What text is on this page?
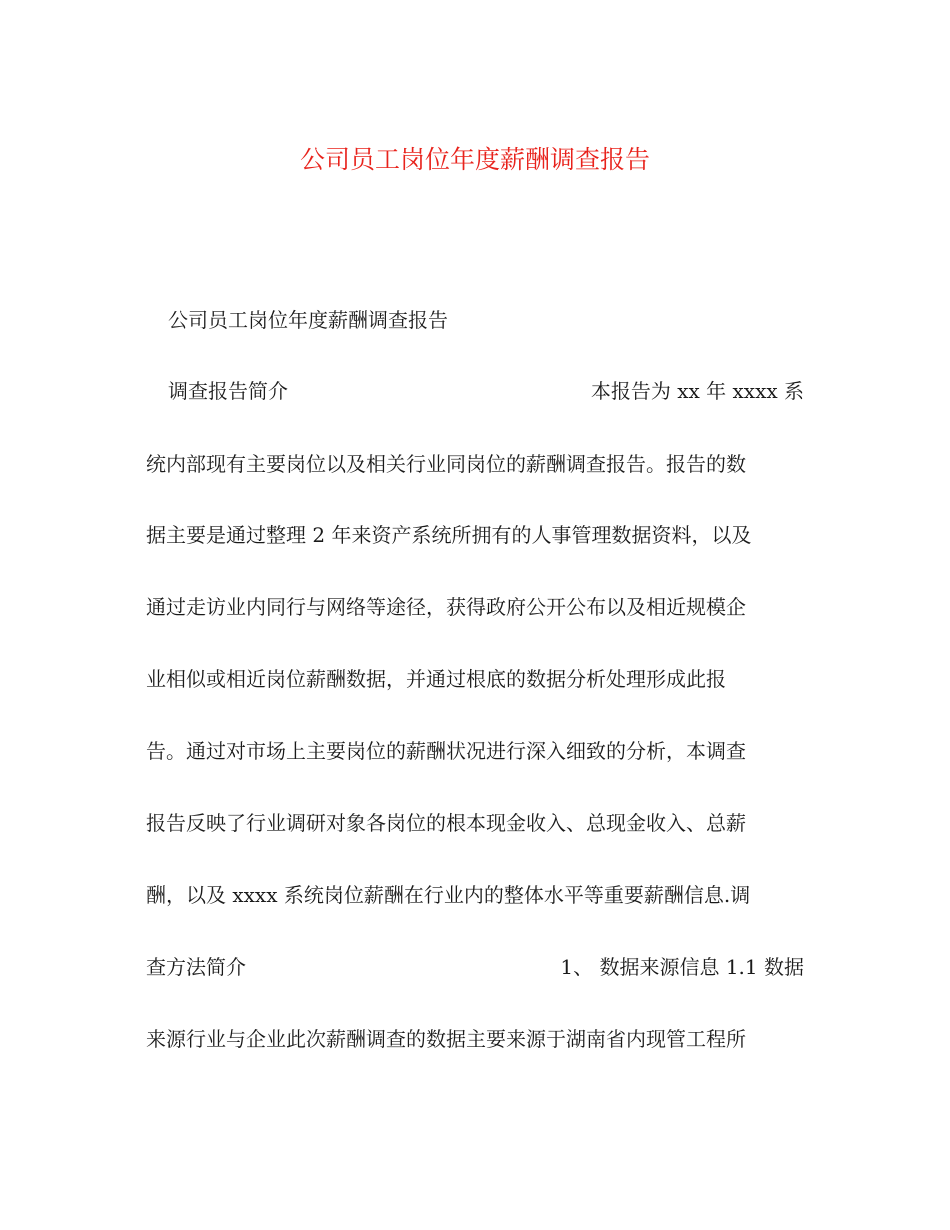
公司员工岗位年度薪酬调查报告
公司员工岗位年度薪酬调查报告
调查报告简介	本报告为 xx 年 xxxx 系
统内部现有主要岗位以及相关行业同岗位的薪酬调查报告。报告的数
据主要是通过整理 2 年来资产系统所拥有的人事管理数据资料，以及
通过走访业内同行与网络等途径，获得政府公开公布以及相近规模企
业相似或相近岗位薪酬数据，并通过根底的数据分析处理形成此报
告。通过对市场上主要岗位的薪酬状况进行深入细致的分析，本调查
报告反映了行业调研对象各岗位的根本现金收入、总现金收入、总薪
酬，以及 xxxx 系统岗位薪酬在行业内的整体水平等重要薪酬信息.调
查方法简介	1、 数据来源信息 1.1 数据
来源行业与企业此次薪酬调查的数据主要来源于湖南省内现管工程所
